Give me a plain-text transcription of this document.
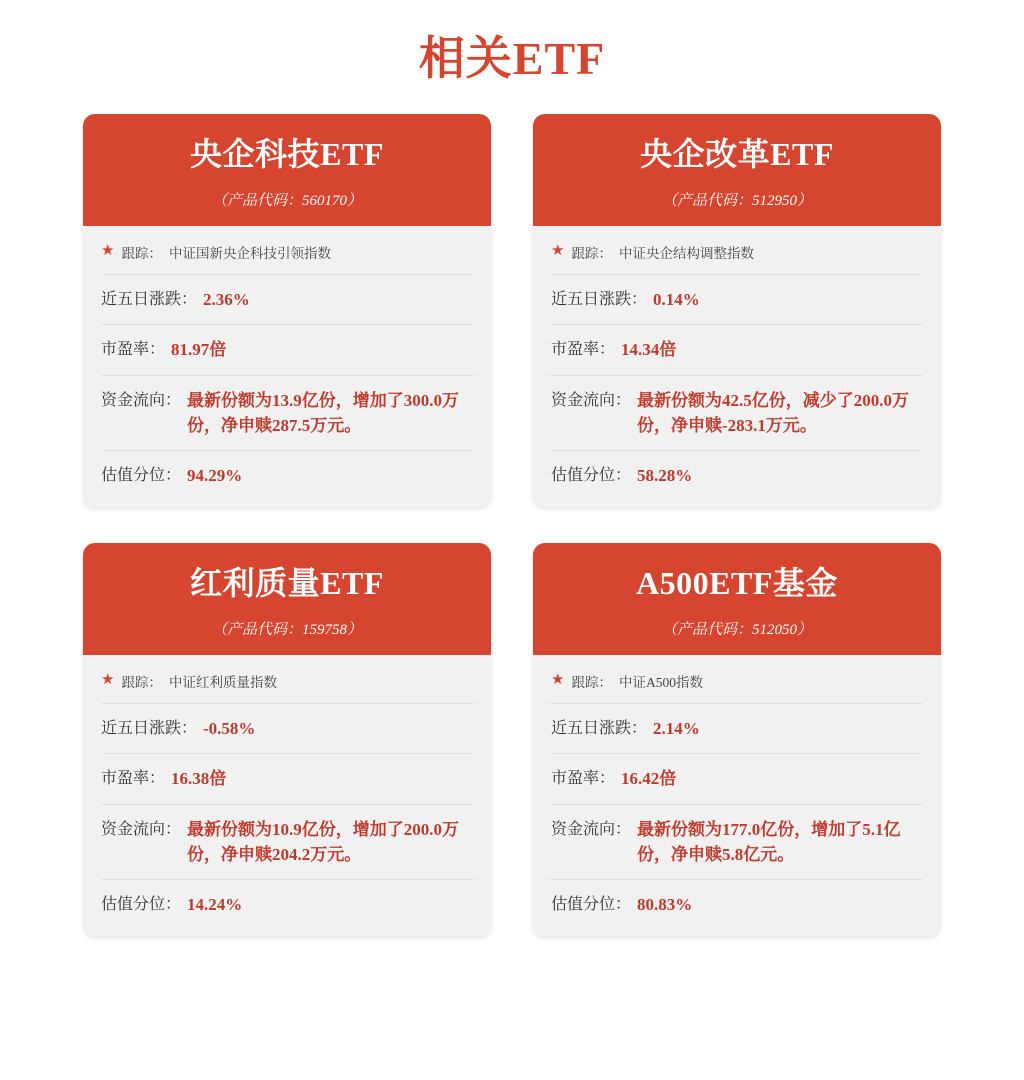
相关ETF
央企科技ETF
（产品代码：560170）
★ 跟踪： 中证国新央企科技引领指数
近五日涨跌： 2.36%
市盈率： 81.97倍
资金流向： 最新份额为13.9亿份，增加了300.0万份，净申赎287.5万元。
估值分位： 94.29%
央企改革ETF
（产品代码：512950）
★ 跟踪： 中证央企结构调整指数
近五日涨跌： 0.14%
市盈率： 14.34倍
资金流向： 最新份额为42.5亿份，减少了200.0万份，净申赎-283.1万元。
估值分位： 58.28%
红利质量ETF
（产品代码：159758）
★ 跟踪： 中证红利质量指数
近五日涨跌： -0.58%
市盈率： 16.38倍
资金流向： 最新份额为10.9亿份，增加了200.0万份，净申赎204.2万元。
估值分位： 14.24%
A500ETF基金
（产品代码：512050）
★ 跟踪： 中证A500指数
近五日涨跌： 2.14%
市盈率： 16.42倍
资金流向： 最新份额为177.0亿份，增加了5.1亿份，净申赎5.8亿元。
估值分位： 80.83%
